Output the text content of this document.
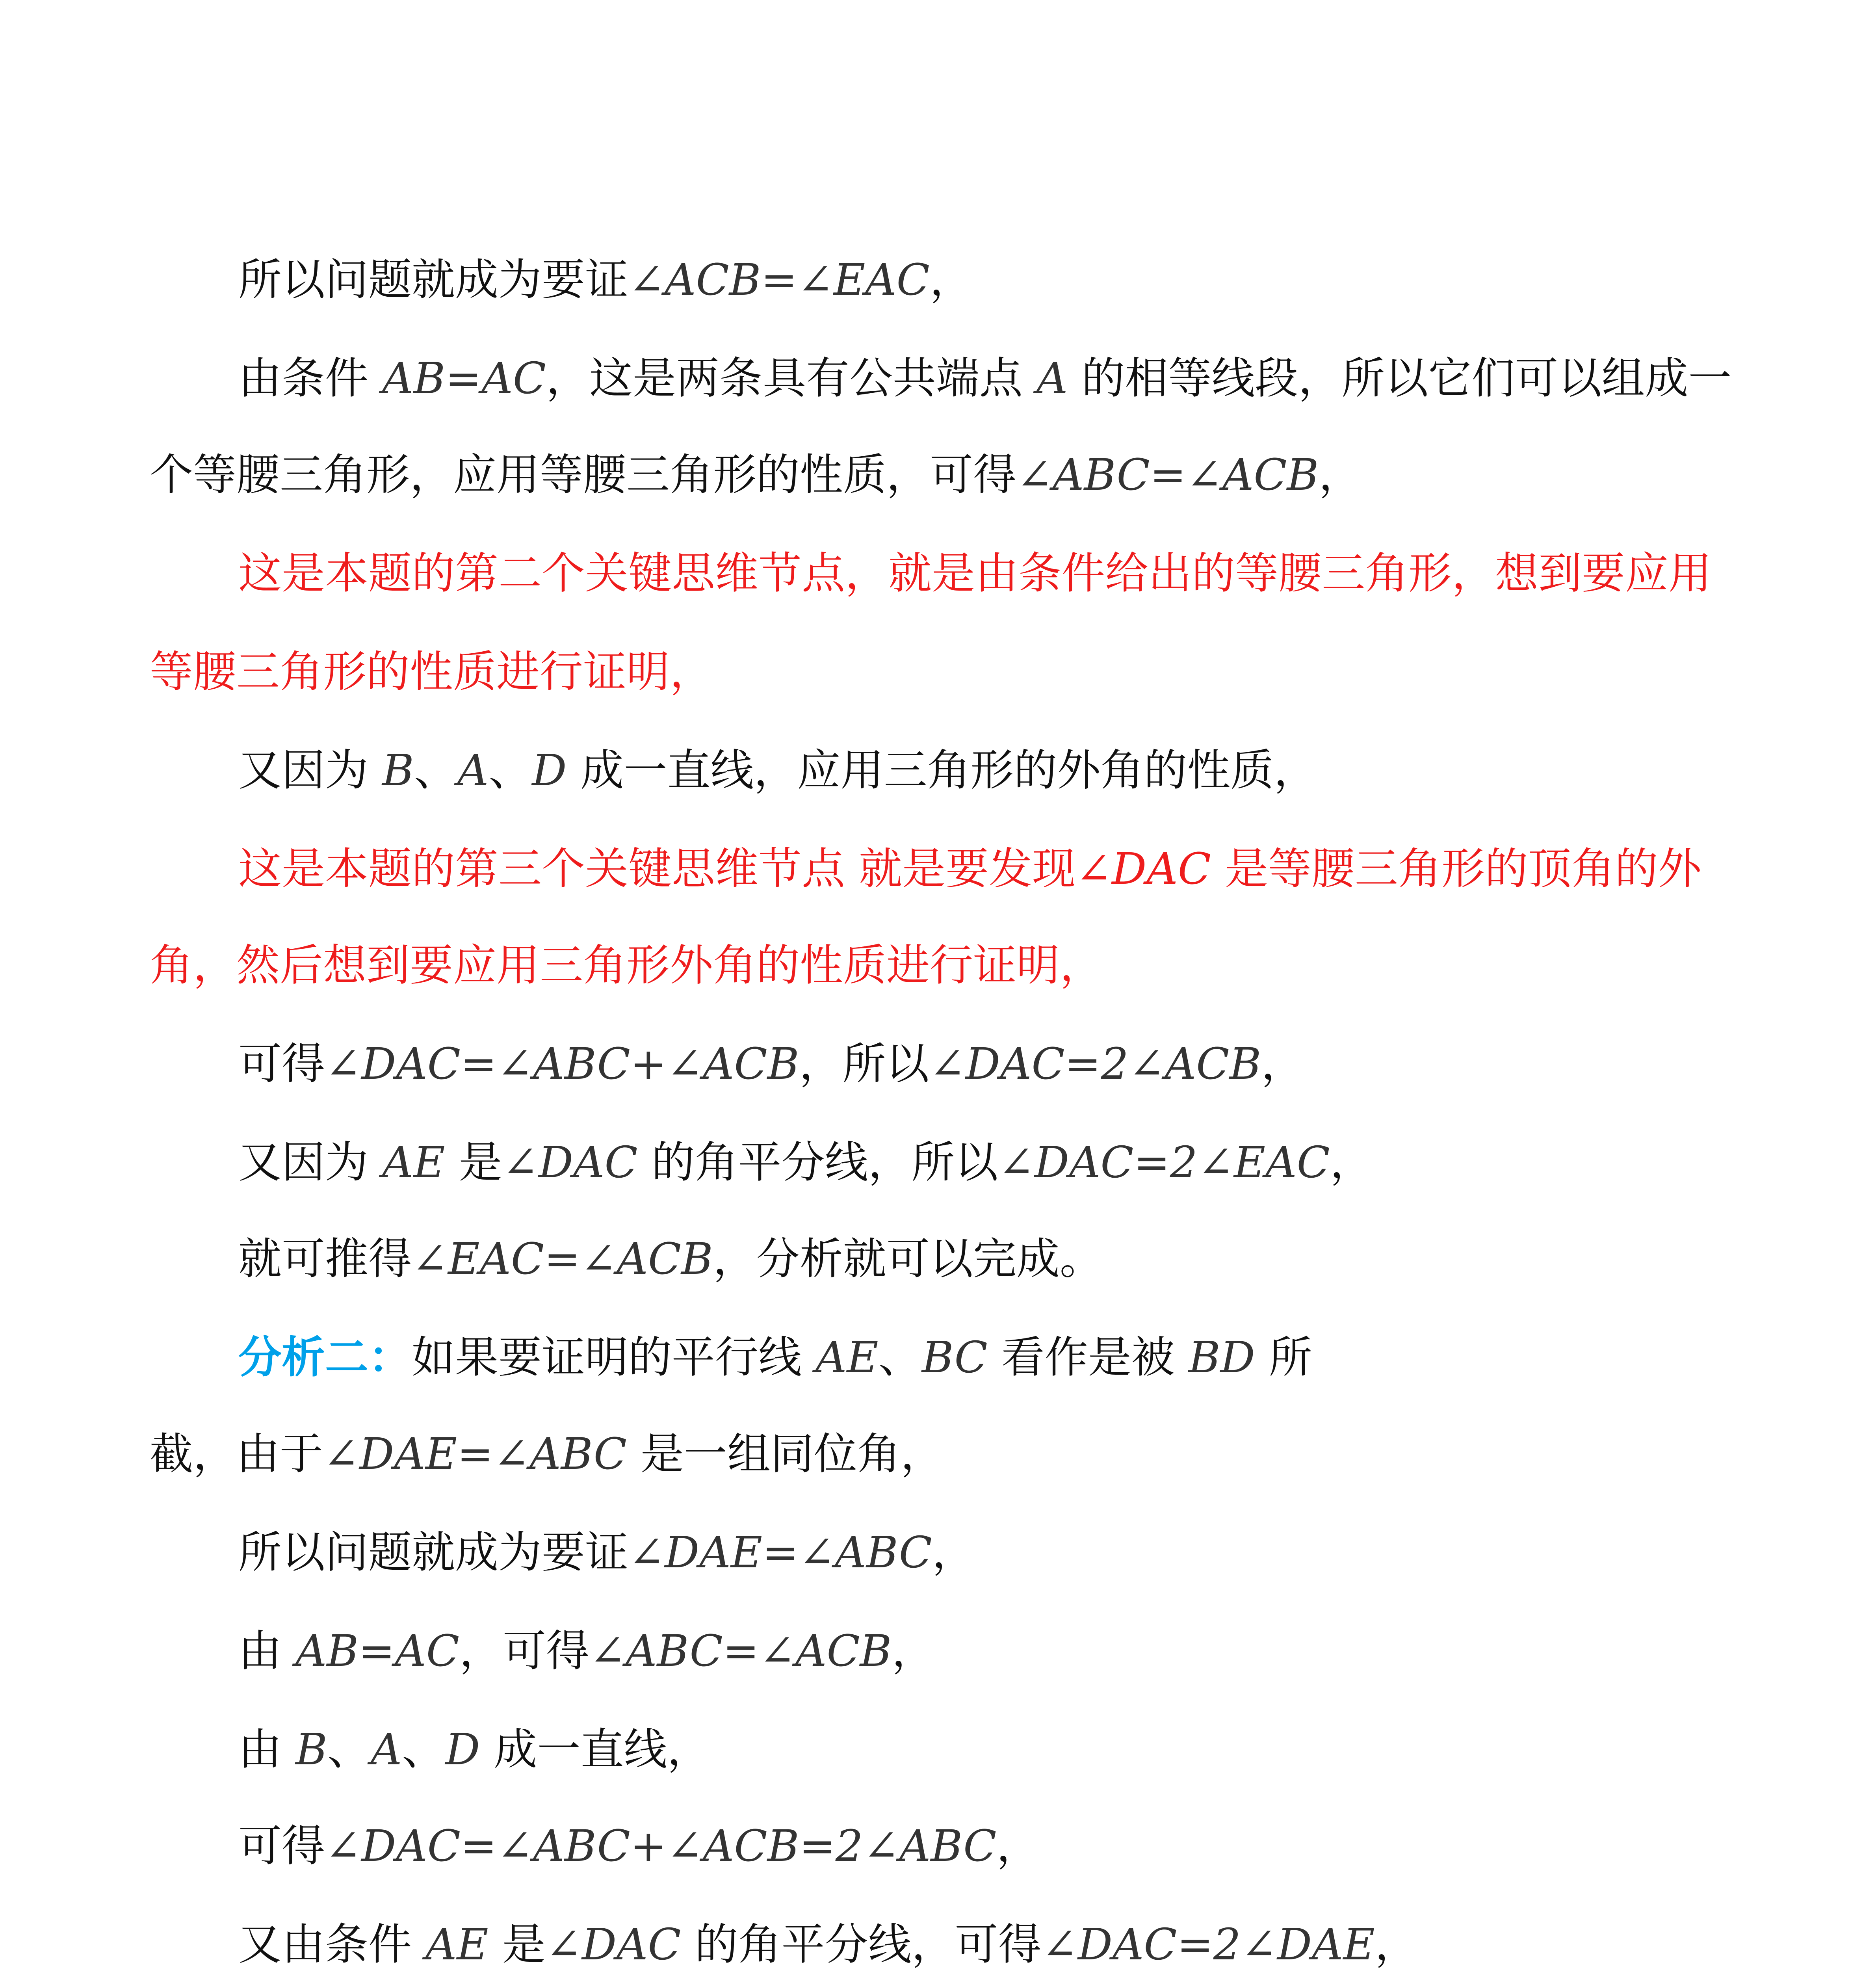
所以问题就成为要证∠ACB=∠EAC，
由条件 AB=AC，这是两条具有公共端点 A 的相等线段，所以它们可以组成一
个等腰三角形，应用等腰三角形的性质，可得∠ABC=∠ACB，
这是本题的第二个关键思维节点，就是由条件给出的等腰三角形，想到要应用
等腰三角形的性质进行证明，
又因为 B、A、D 成一直线，应用三角形的外角的性质，
这是本题的第三个关键思维节点 就是要发现∠DAC 是等腰三角形的顶角的外
角，然后想到要应用三角形外角的性质进行证明，
可得∠DAC=∠ABC+∠ACB，所以∠DAC=2∠ACB，
又因为 AE 是∠DAC 的角平分线，所以∠DAC=2∠EAC，
就可推得∠EAC=∠ACB，分析就可以完成。
分析二：如果要证明的平行线 AE、BC 看作是被 BD 所
截，由于∠DAE=∠ABC 是一组同位角，
所以问题就成为要证∠DAE=∠ABC，
由 AB=AC，可得∠ABC=∠ACB，
由 B、A、D 成一直线，
可得∠DAC=∠ABC+∠ACB=2∠ABC，
又由条件 AE 是∠DAC 的角平分线，可得∠DAC=2∠DAE，
